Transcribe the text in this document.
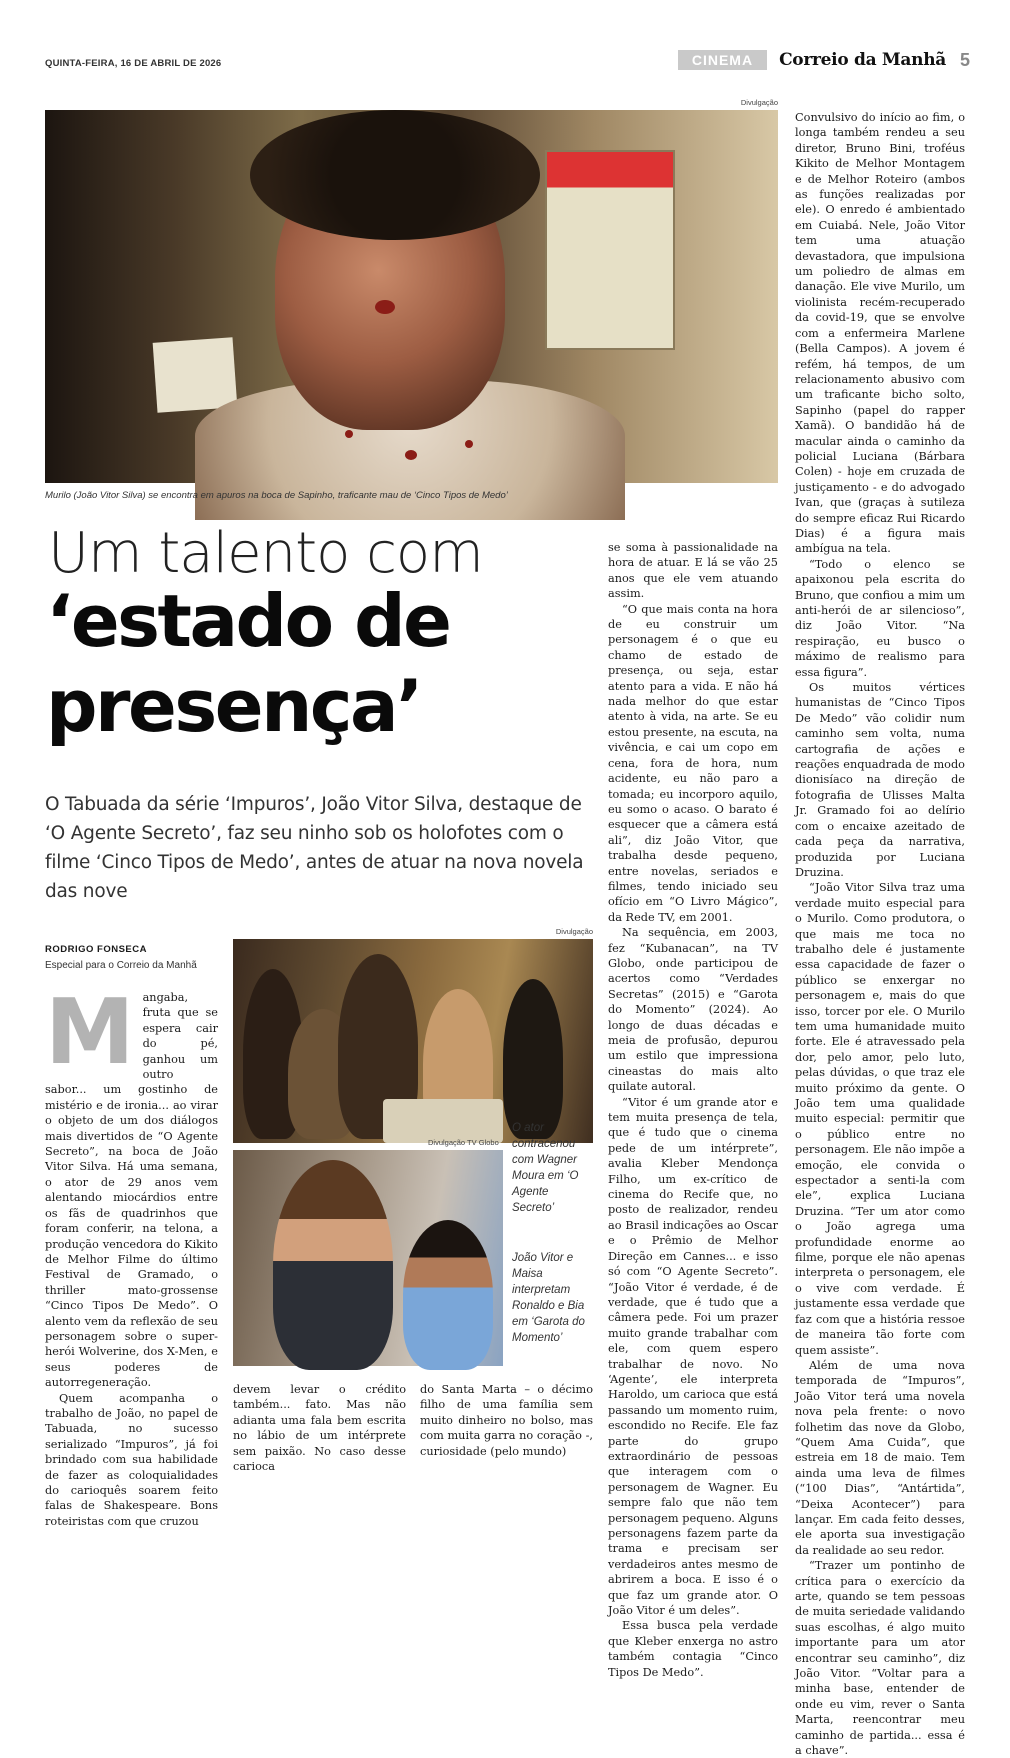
QUINTA-FEIRA, 16 DE ABRIL DE 2026	CINEMA	Correio da Manhã 5
Divulgação
Murilo (João Vitor Silva) se encontra em apuros na boca de Sapinho, traficante mau de ‘Cinco Tipos de Medo’
Um talento com
‘estado de
presença’
O Tabuada da série ‘Impuros’, João Vitor Silva, destaque de ‘O Agente Secreto’, faz seu ninho sob os holofotes com o filme ‘Cinco Tipos de Medo’, antes de atuar na nova novela das nove
RODRIGO FONSECA
Especial para o Correio da Manhã

Mangaba, fruta que se espera cair do pé, ganhou um outro sabor... um gostinho de mistério e de ironia... ao virar o objeto de um dos diálogos mais divertidos de “O Agente Secreto”, na boca de João Vitor Silva. Há uma semana, o ator de 29 anos vem alentando miocárdios entre os fãs de quadrinhos que foram conferir, na telona, a produção vencedora do Kikito de Melhor Filme do último Festival de Gramado, o thriller mato-grossense “Cinco Tipos De Medo”. O alento vem da reflexão de seu personagem sobre o super-herói Wolverine, dos X-Men, e seus poderes de autorregeneração.

Quem acompanha o trabalho de João, no papel de Tabuada, no sucesso serializado “Impuros”, já foi brindado com sua habilidade de fazer as coloquialidades do carioquês soarem feito falas de Shakespeare. Bons roteiristas com que cruzou

Divulgação
Divulgação TV Globo
O ator contracenou com Wagner Moura em ‘O Agente Secreto’
João Vitor e Maisa interpretam Ronaldo e Bia em ‘Garota do Momento’

devem levar o crédito também... fato. Mas não adianta uma fala bem escrita no lábio de um intérprete sem paixão. No caso desse carioca

do Santa Marta – o décimo filho de uma família sem muito dinheiro no bolso, mas com muita garra no coração -, curiosidade (pelo mundo)

se soma à passionalidade na hora de atuar. E lá se vão 25 anos que ele vem atuando assim.

“O que mais conta na hora de eu construir um personagem é o que eu chamo de estado de presença, ou seja, estar atento para a vida. E não há nada melhor do que estar atento à vida, na arte. Se eu estou presente, na escuta, na vivência, e cai um copo em cena, fora de hora, num acidente, eu não paro a tomada; eu incorporo aquilo, eu somo o acaso. O barato é esquecer que a câmera está ali”, diz João Vitor, que trabalha desde pequeno, entre novelas, seriados e filmes, tendo iniciado seu ofício em “O Livro Mágico”, da Rede TV, em 2001.

Na sequência, em 2003, fez “Kubanacan”, na TV Globo, onde participou de acertos como “Verdades Secretas” (2015) e “Garota do Momento” (2024). Ao longo de duas décadas e meia de profusão, depurou um estilo que impressiona cineastas do mais alto quilate autoral.

“Vitor é um grande ator e tem muita presença de tela, que é tudo que o cinema pede de um intérprete”, avalia Kleber Mendonça Filho, um ex-crítico de cinema do Recife que, no posto de realizador, rendeu ao Brasil indicações ao Oscar e o Prêmio de Melhor Direção em Cannes... e isso só com “O Agente Secreto”. “João Vitor é verdade, é de verdade, que é tudo que a câmera pede. Foi um prazer muito grande trabalhar com ele, com quem espero trabalhar de novo. No ‘Agente’, ele interpreta Haroldo, um carioca que está passando um momento ruim, escondido no Recife. Ele faz parte do grupo extraordinário de pessoas que interagem com o personagem de Wagner. Eu sempre falo que não tem personagem pequeno. Alguns personagens fazem parte da trama e precisam ser verdadeiros antes mesmo de abrirem a boca. E isso é o que faz um grande ator. O João Vitor é um deles”.

Essa busca pela verdade que Kleber enxerga no astro também contagia “Cinco Tipos De Medo”.

Convulsivo do início ao fim, o longa também rendeu a seu diretor, Bruno Bini, troféus Kikito de Melhor Montagem e de Melhor Roteiro (ambos as funções realizadas por ele). O enredo é ambientado em Cuiabá. Nele, João Vitor tem uma atuação devastadora, que impulsiona um poliedro de almas em danação. Ele vive Murilo, um violinista recém-recuperado da covid-19, que se envolve com a enfermeira Marlene (Bella Campos). A jovem é refém, há tempos, de um relacionamento abusivo com um traficante bicho solto, Sapinho (papel do rapper Xamã). O bandidão há de macular ainda o caminho da policial Luciana (Bárbara Colen) - hoje em cruzada de justiçamento - e do advogado Ivan, que (graças à sutileza do sempre eficaz Rui Ricardo Dias) é a figura mais ambígua na tela.

“Todo o elenco se apaixonou pela escrita do Bruno, que confiou a mim um anti-herói de ar silencioso”, diz João Vitor. “Na respiração, eu busco o máximo de realismo para essa figura”.

Os muitos vértices humanistas de “Cinco Tipos De Medo” vão colidir num caminho sem volta, numa cartografia de ações e reações enquadrada de modo dionisíaco na direção de fotografia de Ulisses Malta Jr. Gramado foi ao delírio com o encaixe azeitado de cada peça da narrativa, produzida por Luciana Druzina.

“João Vitor Silva traz uma verdade muito especial para o Murilo. Como produtora, o que mais me toca no trabalho dele é justamente essa capacidade de fazer o público se enxergar no personagem e, mais do que isso, torcer por ele. O Murilo tem uma humanidade muito forte. Ele é atravessado pela dor, pelo amor, pelo luto, pelas dúvidas, o que traz ele muito próximo da gente. O João tem uma qualidade muito especial: permitir que o público entre no personagem. Ele não impõe a emoção, ele convida o espectador a senti-la com ele”, explica Luciana Druzina. “Ter um ator como o João agrega uma profundidade enorme ao filme, porque ele não apenas interpreta o personagem, ele o vive com verdade. É justamente essa verdade que faz com que a história ressoe de maneira tão forte com quem assiste”.

Além de uma nova temporada de “Impuros”, João Vitor terá uma novela nova pela frente: o novo folhetim das nove da Globo, “Quem Ama Cuida”, que estreia em 18 de maio. Tem ainda uma leva de filmes (“100 Dias”, “Antártida”, “Deixa Acontecer”) para lançar. Em cada feito desses, ele aporta sua investigação da realidade ao seu redor.

“Trazer um pontinho de crítica para o exercício da arte, quando se tem pessoas de muita seriedade validando suas escolhas, é algo muito importante para um ator encontrar seu caminho”, diz João Vitor. “Voltar para a minha base, entender de onde eu vim, rever o Santa Marta, reencontrar meu caminho de partida... essa é a chave”.
